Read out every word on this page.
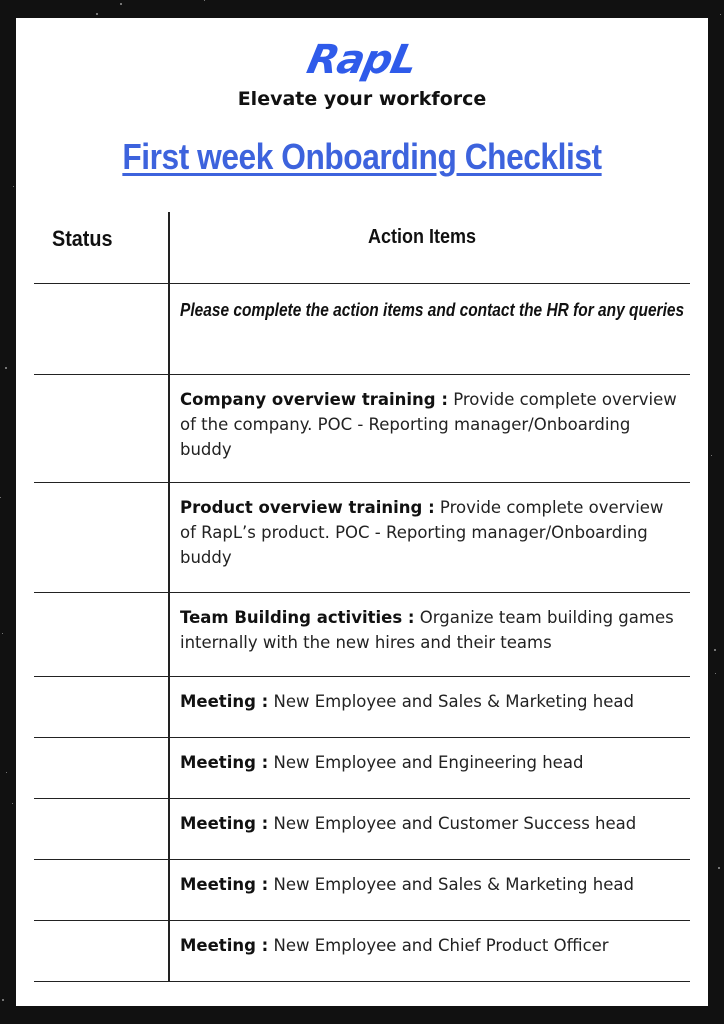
RapL
Elevate your workforce
First week Onboarding Checklist
Status	Action Items
Please complete the action items and contact the HR for any queries
Company overview training : Provide complete overview of the company. POC - Reporting manager/Onboarding buddy
Product overview training : Provide complete overview of RapL’s product. POC - Reporting manager/Onboarding buddy
Team Building activities : Organize team building games internally with the new hires and their teams
Meeting : New Employee and Sales & Marketing head
Meeting : New Employee and Engineering head
Meeting : New Employee and Customer Success head
Meeting : New Employee and Sales & Marketing head
Meeting : New Employee and Chief Product Officer
